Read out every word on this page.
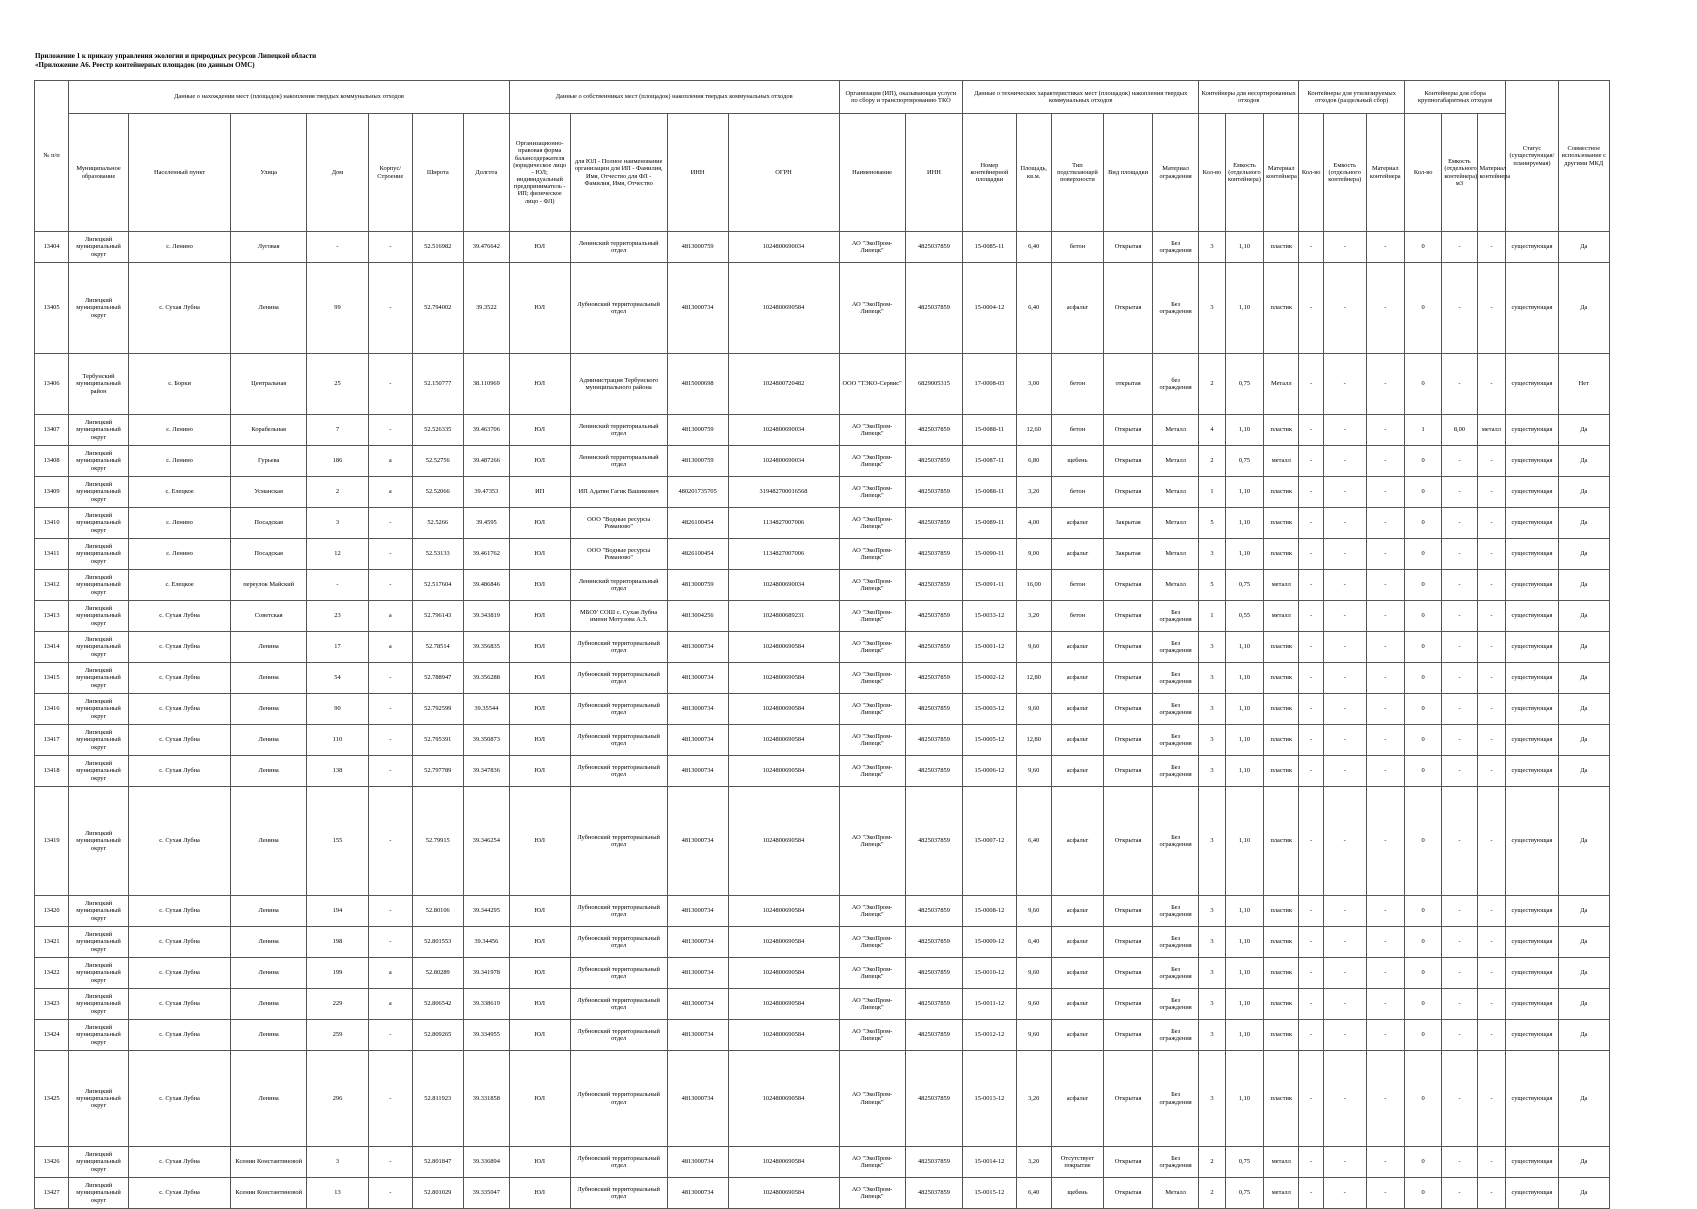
Приложение 1 к приказу управления экологии и природных ресурсов Липецкой области
«Приложение А6. Реестр контейнерных площадок (по данным ОМС)
№ п/п	Данные о нахождении мест (площадок) накопления твердых коммунальных отходов							Данные о собственниках мест (площадок) накопления твердых коммунальных отходов				Организация (ИП), оказывающая услуги по сбору и транспортированию ТКО		Данные о технических характеристиках мест (площадок) накопления твердых коммунальных отходов					Контейнеры для несортированных отходов			Контейнеры для утилизируемых отходов (раздельный сбор)			Контейнеры для сбора крупногабаритных отходов			Статус (существующая/планируемая)	Совместное использование с другими МКД
	Муниципальное образование	Населенный пункт	Улица	Дом	Корпус/Строение	Широта	Долгота	Организационно-правовая форма балансодержателя (юридическое лицо - ЮЛ; индивидуальный предприниматель - ИП; физическое лицо - ФЛ)	для ЮЛ - Полное наименование организации для ИП - Фамилия, Имя, Отчество для ФЛ - Фамилия, Имя, Отчество	ИНН	ОГРН	Наименование	ИНН	Номер контейнерной площадки	Площадь, кв.м.	Тип подстилающей поверхности	Вид площадки	Материал ограждения	Кол-во	Емкость (отдельного контейнера)	Материал контейнера	Кол-во	Емкость (отдельного контейнера)	Материал контейнера	Кол-во	Емкость (отдельного контейнера) м3	Материал контейнера		
13404	Липецкий муниципальный округ	с. Ленино	Луговая	-	-	52.516982	39.476642	ЮЛ	Ленинский территориальный отдел	4813000759	1024800690034	АО "ЭкоПром-Липецк"	4825037859	15-0085-11	6,40	бетон	Открытая	Без ограждения	3	1,10	пластик	-	-	-	0	-	-	существующая	Да
13405	Липецкий муниципальный округ	с. Сухая Лубна	Ленина	99	-	52.794002	39.3522	ЮЛ	Лубновский территориальный отдел	4813000734	1024800690584	АО "ЭкоПром-Липецк"	4825037859	15-0004-12	6,40	асфальт	Открытая	Без ограждения	3	1,10	пластик	-	-	-	0	-	-	существующая	Да
13406	Тербунский муниципальный район	с. Борки	Центральная	25	-	52.150777	38.110969	ЮЛ	Администрация Тербунского муниципального района	4815000698	1024800720482	ООО "ТЭКО-Сервис"	6829005315	17-0008-03	3,00	бетон	открытая	без ограждения	2	0,75	Металл	-	-	-	0	-	-	существующая	Нет
13407	Липецкий муниципальный округ	с. Ленино	Корабельная	7	-	52.526335	39.463706	ЮЛ	Ленинский территориальный отдел	4813000759	1024800690034	АО "ЭкоПром-Липецк"	4825037859	15-0088-11	12,60	бетон	Открытая	Металл	4	1,10	пластик	-	-	-	1	8,00	металл	существующая	Да
13408	Липецкий муниципальный округ	с. Ленино	Гурьева	186	а	52.52756	39.487266	ЮЛ	Ленинский территориальный отдел	4813000759	1024800690034	АО "ЭкоПром-Липецк"	4825037859	15-0087-11	6,80	щебень	Открытая	Металл	2	0,75	металл	-	-	-	0	-	-	существующая	Да
13409	Липецкий муниципальный округ	с. Елецкое	Усманская	2	а	52.52066	39.47353	ИП	ИП Адатян Гагик Вашикович	480201735705	319482700016568	АО "ЭкоПром-Липецк"	4825037859	15-0088-11	3,20	бетон	Открытая	Металл	1	1,10	пластик	-	-	-	0	-	-	существующая	Да
13410	Липецкий муниципальный округ	с. Ленино	Посадская	3	-	52.5266	39.4595	ЮЛ	ООО "Водные ресурсы Романово"	4826100454	1134827007006	АО "ЭкоПром-Липецк"	4825037859	15-0089-11	4,00	асфальт	Закрытая	Металл	5	1,10	пластик	-	-	-	0	-	-	существующая	Да
13411	Липецкий муниципальный округ	с. Ленино	Посадская	12	-	52.53133	39.461762	ЮЛ	ООО "Водные ресурсы Романово"	4826100454	1134827007006	АО "ЭкоПром-Липецк"	4825037859	15-0090-11	9,00	асфальт	Закрытая	Металл	3	1,10	пластик	-	-	-	0	-	-	существующая	Да
13412	Липецкий муниципальный округ	с. Елецкое	переулок Майский	-	-	52.517604	39.486846	ЮЛ	Ленинский территориальный отдел	4813000759	1024800690034	АО "ЭкоПром-Липецк"	4825037859	15-0091-11	16,00	бетон	Открытая	Металл	5	0,75	металл	-	-	-	0	-	-	существующая	Да
13413	Липецкий муниципальный округ	с. Сухая Лубна	Советская	23	а	52.796143	39.343819	ЮЛ	МБОУ СОШ с. Сухая Лубна имени Мотузова А.З.	4813004256	1024800689231	АО "ЭкоПром-Липецк"	4825037859	15-0033-12	3,20	бетон	Открытая	Без ограждения	1	0,55	металл	-	-	-	0	-	-	существующая	Да
13414	Липецкий муниципальный округ	с. Сухая Лубна	Ленина	17	а	52.78514	39.356835	ЮЛ	Лубновский территориальный отдел	4813000734	1024800690584	АО "ЭкоПром-Липецк"	4825037859	15-0001-12	9,60	асфальт	Открытая	Без ограждения	3	1,10	пластик	-	-	-	0	-	-	существующая	Да
13415	Липецкий муниципальный округ	с. Сухая Лубна	Ленина	54	-	52.788947	39.356288	ЮЛ	Лубновский территориальный отдел	4813000734	1024800690584	АО "ЭкоПром-Липецк"	4825037859	15-0002-12	12,80	асфальт	Открытая	Без ограждения	3	1,10	пластик	-	-	-	0	-	-	существующая	Да
13416	Липецкий муниципальный округ	с. Сухая Лубна	Ленина	90	-	52.792599	39.35544	ЮЛ	Лубновский территориальный отдел	4813000734	1024800690584	АО "ЭкоПром-Липецк"	4825037859	15-0003-12	9,60	асфальт	Открытая	Без ограждения	3	1,10	пластик	-	-	-	0	-	-	существующая	Да
13417	Липецкий муниципальный округ	с. Сухая Лубна	Ленина	110	-	52.795391	39.350873	ЮЛ	Лубновский территориальный отдел	4813000734	1024800690584	АО "ЭкоПром-Липецк"	4825037859	15-0005-12	12,80	асфальт	Открытая	Без ограждения	3	1,10	пластик	-	-	-	0	-	-	существующая	Да
13418	Липецкий муниципальный округ	с. Сухая Лубна	Ленина	138	-	52.797789	39.347836	ЮЛ	Лубновский территориальный отдел	4813000734	1024800690584	АО "ЭкоПром-Липецк"	4825037859	15-0006-12	9,60	асфальт	Открытая	Без ограждения	3	1,10	пластик	-	-	-	0	-	-	существующая	Да
13419	Липецкий муниципальный округ	с. Сухая Лубна	Ленина	155	-	52.79915	39.346254	ЮЛ	Лубновский территориальный отдел	4813000734	1024800690584	АО "ЭкоПром-Липецк"	4825037859	15-0007-12	6,40	асфальт	Открытая	Без ограждения	3	1,10	пластик	-	-	-	0	-	-	существующая	Да
13420	Липецкий муниципальный округ	с. Сухая Лубна	Ленина	194	-	52.80106	39.344295	ЮЛ	Лубновский территориальный отдел	4813000734	1024800690584	АО "ЭкоПром-Липецк"	4825037859	15-0008-12	9,60	асфальт	Открытая	Без ограждения	3	1,10	пластик	-	-	-	0	-	-	существующая	Да
13421	Липецкий муниципальный округ	с. Сухая Лубна	Ленина	198	-	52.801553	39.34456	ЮЛ	Лубновский территориальный отдел	4813000734	1024800690584	АО "ЭкоПром-Липецк"	4825037859	15-0009-12	6,40	асфальт	Открытая	Без ограждения	3	1,10	пластик	-	-	-	0	-	-	существующая	Да
13422	Липецкий муниципальный округ	с. Сухая Лубна	Ленина	199	а	52.80289	39.341978	ЮЛ	Лубновский территориальный отдел	4813000734	1024800690584	АО "ЭкоПром-Липецк"	4825037859	15-0010-12	9,60	асфальт	Открытая	Без ограждения	3	1,10	пластик	-	-	-	0	-	-	существующая	Да
13423	Липецкий муниципальный округ	с. Сухая Лубна	Ленина	229	а	52.806542	39.338619	ЮЛ	Лубновский территориальный отдел	4813000734	1024800690584	АО "ЭкоПром-Липецк"	4825037859	15-0011-12	9,60	асфальт	Открытая	Без ограждения	3	1,10	пластик	-	-	-	0	-	-	существующая	Да
13424	Липецкий муниципальный округ	с. Сухая Лубна	Ленина	259	-	52.809265	39.334955	ЮЛ	Лубновский территориальный отдел	4813000734	1024800690584	АО "ЭкоПром-Липецк"	4825037859	15-0012-12	9,60	асфальт	Открытая	Без ограждения	3	1,10	пластик	-	-	-	0	-	-	существующая	Да
13425	Липецкий муниципальный округ	с. Сухая Лубна	Ленина	296	-	52.811923	39.331858	ЮЛ	Лубновский территориальный отдел	4813000734	1024800690584	АО "ЭкоПром-Липецк"	4825037859	15-0013-12	3,20	асфальт	Открытая	Без ограждения	3	1,10	пластик	-	-	-	0	-	-	существующая	Да
13426	Липецкий муниципальный округ	с. Сухая Лубна	Ксении Константиновой	3	-	52.801847	39.336894	ЮЛ	Лубновский территориальный отдел	4813000734	1024800690584	АО "ЭкоПром-Липецк"	4825037859	15-0014-12	3,20	Отсутствует покрытие	Открытая	Без ограждения	2	0,75	металл	-	-	-	0	-	-	существующая	Да
13427	Липецкий муниципальный округ	с. Сухая Лубна	Ксении Константиновой	13	-	52.801029	39.335047	ЮЛ	Лубновский территориальный отдел	4813000734	1024800690584	АО "ЭкоПром-Липецк"	4825037859	15-0015-12	6,40	щебень	Открытая	Металл	2	0,75	металл	-	-	-	0	-	-	существующая	Да
